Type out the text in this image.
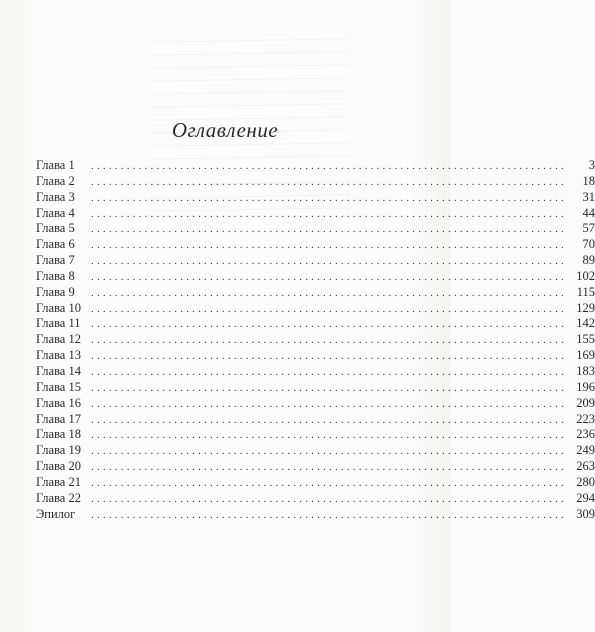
Оглавление
Глава 1	................................................................................	3
Глава 2	................................................................................	18
Глава 3	................................................................................	31
Глава 4	................................................................................	44
Глава 5	................................................................................	57
Глава 6	................................................................................	70
Глава 7	................................................................................	89
Глава 8	................................................................................ 102
Глава 9	................................................................................ 115
Глава 10 ................................................................................ 129
Глава 11 ................................................................................ 142
Глава 12 ................................................................................ 155
Глава 13 ................................................................................ 169
Глава 14 ................................................................................ 183
Глава 15 ................................................................................ 196
Глава 16 ................................................................................ 209
Глава 17 ................................................................................ 223
Глава 18 ................................................................................ 236
Глава 19 ................................................................................ 249
Глава 20 ................................................................................ 263
Глава 21 ................................................................................ 280
Глава 22 ................................................................................ 294
Эпилог	................................................................................ 309
